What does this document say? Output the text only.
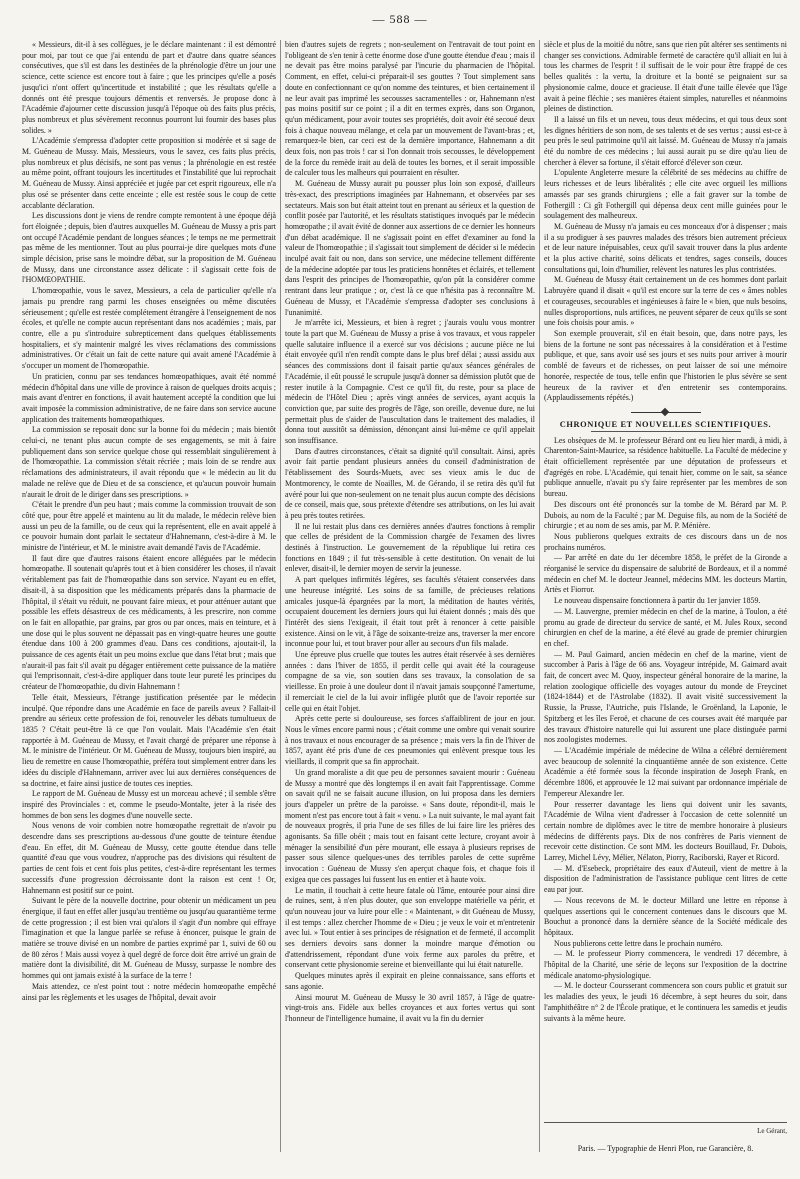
— 588 —

« Messieurs, dit-il à ses collègues, je le déclare maintenant : il est démontré pour moi, par tout ce que j'ai entendu de part et d'autre dans quatre séances consécutives, que s'il est dans les destinées de la phrénologie d'être un jour une science, cette science est encore tout à faire ; que les principes qu'elle a posés jusqu'ici n'ont offert qu'incertitude et instabilité ; que les résultats qu'elle a donnés ont été presque toujours démentis et renversés. Je propose donc à l'Académie d'ajourner cette discussion jusqu'à l'époque où des faits plus précis, plus nombreux et plus sévèrement reconnus pourront lui fournir des bases plus solides. »

L'Académie s'empressa d'adopter cette proposition si modérée et si sage de M. Guéneau de Mussy. Mais, Messieurs, vous le savez, ces faits plus précis, plus nombreux et plus décisifs, ne sont pas venus ; la phrénologie en est restée au même point, offrant toujours les incertitudes et l'instabilité que lui reprochait M. Guéneau de Mussy. Ainsi appréciée et jugée par cet esprit rigoureux, elle n'a plus osé se présenter dans cette enceinte ; elle est restée sous le coup de cette accablante déclaration.

Les discussions dont je viens de rendre compte remontent à une époque déjà fort éloignée ; depuis, bien d'autres auxquelles M. Guéneau de Mussy a pris part ont occupé l'Académie pendant de longues séances ; le temps ne me permettrait pas même de les mentionner. Tout au plus pourrai-je dire quelques mots d'une simple décision, prise sans le moindre débat, sur la proposition de M. Guéneau de Mussy, dans une circonstance assez délicate : il s'agissait cette fois de l'HOMŒOPATHIE.

L'homœopathie, vous le savez, Messieurs, a cela de particulier qu'elle n'a jamais pu prendre rang parmi les choses enseignées ou même discutées sérieusement ; qu'elle est restée complétement étrangère à l'enseignement de nos écoles, et qu'elle ne compte aucun représentant dans nos académies ; mais, par contre, elle a pu s'introduire subrepticement dans quelques établissements hospitaliers, et s'y maintenir malgré les vives réclamations des commissions administratives. Or c'était un fait de cette nature qui avait amené l'Académie à s'occuper un moment de l'homœopathie.

Un praticien, connu par ses tendances homœopathiques, avait été nommé médecin d'hôpital dans une ville de province à raison de quelques droits acquis ; mais avant d'entrer en fonctions, il avait hautement accepté la condition que lui avait imposée la commission administrative, de ne faire dans son service aucune application des traitements homœopathiques.

La commission se reposait donc sur la bonne foi du médecin ; mais bientôt celui-ci, ne tenant plus aucun compte de ses engagements, se mit à faire publiquement dans son service quelque chose qui ressemblait singulièrement à de l'homœopathie. La commission s'était récriée ; mais loin de se rendre aux réclamations des administrateurs, il avait répondu que « le médecin au lit du malade ne relève que de Dieu et de sa conscience, et qu'aucun pouvoir humain n'aurait le droit de le diriger dans ses prescriptions. »

C'était le prendre d'un peu haut ; mais comme la commission trouvait de son côté que, pour être appelé et maintenu au lit du malade, le médecin relève bien aussi un peu de la famille, ou de ceux qui la représentent, elle en avait appelé à ce pouvoir humain dont parlait le sectateur d'Hahnemann, c'est-à-dire à M. le ministre de l'intérieur, et M. le ministre avait demandé l'avis de l'Académie.

Il faut dire que d'autres raisons étaient encore alléguées par le médecin homœopathe. Il soutenait qu'après tout et à bien considérer les choses, il n'avait véritablement pas fait de l'homœopathie dans son service. N'ayant eu en effet, disait-il, à sa disposition que les médicaments préparés dans la pharmacie de l'hôpital, il s'était vu réduit, ne pouvant faire mieux, et pour atténuer autant que possible les effets désastreux de ces médicaments, à les prescrire, non comme on le fait en allopathie, par grains, par gros ou par onces, mais en teinture, et à une dose qui le plus souvent ne dépassait pas en vingt-quatre heures une goutte étendue dans 100 à 200 grammes d'eau. Dans ces conditions, ajoutait-il, la puissance de ces agents était un peu moins exclue que dans l'état brut ; mais que n'aurait-il pas fait s'il avait pu dégager entièrement cette puissance de la matière qui l'emprisonnait, c'est-à-dire appliquer dans toute leur pureté les principes du créateur de l'homœopathie, du divin Hahnemann !

Telle était, Messieurs, l'étrange justification présentée par le médecin inculpé. Que répondre dans une Académie en face de pareils aveux ? Fallait-il prendre au sérieux cette profession de foi, renouveler les débats tumultueux de 1835 ? C'était peut-être là ce que l'on voulait. Mais l'Académie s'en était rapportée à M. Guéneau de Mussy, et l'avait chargé de préparer une réponse à M. le ministre de l'intérieur. Or M. Guéneau de Mussy, toujours bien inspiré, au lieu de remettre en cause l'homœopathie, préféra tout simplement entrer dans les idées du disciple d'Hahnemann, arriver avec lui aux dernières conséquences de sa doctrine, et faire ainsi justice de toutes ces inepties.

Le rapport de M. Guéneau de Mussy est un morceau achevé ; il semble s'être inspiré des Provinciales : et, comme le pseudo-Montalte, jeter à la risée des hommes de bon sens les dogmes d'une nouvelle secte.

Nous venons de voir combien notre homœopathe regrettait de n'avoir pu descendre dans ses prescriptions au-dessous d'une goutte de teinture étendue d'eau. En effet, dit M. Guéneau de Mussy, cette goutte étendue dans telle quantité d'eau que vous voudrez, n'approche pas des divisions qui résultent de parties de cent fois et cent fois plus petites, c'est-à-dire représentant les termes successifs d'une progression décroissante dont la raison est cent ! Or, Hahnemann est positif sur ce point.

Suivant le père de la nouvelle doctrine, pour obtenir un médicament un peu énergique, il faut en effet aller jusqu'au trentième ou jusqu'au quarantième terme de cette progression ; il est bien vrai qu'alors il s'agit d'un nombre qui effraye l'imagination et que la langue parlée se refuse à énoncer, puisque le grain de matière se trouve divisé en un nombre de parties exprimé par 1, suivi de 60 ou de 80 zéros ! Mais aussi voyez à quel degré de force doit être arrivé un grain de matière dont la divisibilité, dit M. Guéneau de Mussy, surpasse le nombre des hommes qui ont jamais existé à la surface de la terre !

Mais attendez, ce n'est point tout : notre médecin homœopathe empêché ainsi par les règlements et les usages de l'hôpital, devait avoir

bien d'autres sujets de regrets ; non-seulement on l'entravait de tout point en l'obligeant de s'en tenir à cette énorme dose d'une goutte étendue d'eau ; mais il ne devait pas être moins paralysé par l'incurie du pharmacien de l'hôpital. Comment, en effet, celui-ci préparait-il ses gouttes ? Tout simplement sans doute en confectionnant ce qu'on nomme des teintures, et bien certainement il ne leur avait pas imprimé les secousses sacramentelles : or, Hahnemann n'est pas moins positif sur ce point ; il a dit en termes exprès, dans son Organon, qu'un médicament, pour avoir toutes ses propriétés, doit avoir été secoué deux fois à chaque nouveau mélange, et cela par un mouvement de l'avant-bras ; et, remarquez-le bien, car ceci est de la dernière importance, Hahnemann a dit deux fois, non pas trois ! car si l'on donnait trois secousses, le développement de la force du remède irait au delà de toutes les bornes, et il serait impossible de calculer tous les malheurs qui pourraient en résulter.

M. Guéneau de Mussy aurait pu pousser plus loin son exposé, d'ailleurs très-exact, des prescriptions imaginées par Hahnemann, et observées par ses sectateurs. Mais son but était atteint tout en prenant au sérieux et la question de conflit posée par l'autorité, et les résultats statistiques invoqués par le médecin homœopathe ; il avait évité de donner aux assertions de ce dernier les honneurs d'un débat académique. Il ne s'agissait point en effet d'examiner au fond la valeur de l'homœopathie ; il s'agissait tout simplement de décider si le médecin inculpé avait fait ou non, dans son service, une médecine tellement différente de la médecine adoptée par tous les praticiens honnêtes et éclairés, et tellement dans l'esprit des principes de l'homœopathie, qu'on pût la considérer comme rentrant dans leur pratique ; or, c'est là ce que n'hésita pas à reconnaître M. Guéneau de Mussy, et l'Académie s'empressa d'adopter ses conclusions à l'unanimité.

Je m'arrête ici, Messieurs, et bien à regret ; j'aurais voulu vous montrer toute la part que M. Guéneau de Mussy a prise à vos travaux, et vous rappeler quelle salutaire influence il a exercé sur vos décisions ; aucune pièce ne lui était envoyée qu'il n'en rendît compte dans le plus bref délai ; aussi assidu aux séances des commissions dont il faisait partie qu'aux séances générales de l'Académie, il eût poussé le scrupule jusqu'à donner sa démission plutôt que de rester inutile à la Compagnie. C'est ce qu'il fit, du reste, pour sa place de médecin de l'Hôtel Dieu ; après vingt années de services, ayant acquis la conviction que, par suite des progrès de l'âge, son oreille, devenue dure, ne lui permettait plus de s'aider de l'auscultation dans le traitement des maladies, il donna tout aussitôt sa démission, dénonçant ainsi lui-même ce qu'il appelait son insuffisance.

Dans d'autres circonstances, c'était sa dignité qu'il consultait. Ainsi, après avoir fait partie pendant plusieurs années du conseil d'administration de l'établissement des Sourds-Muets, avec ses vieux amis le duc de Montmorency, le comte de Noailles, M. de Gérando, il se retira dès qu'il fut avéré pour lui que non-seulement on ne tenait plus aucun compte des décisions de ce conseil, mais que, sous prétexte d'étendre ses attributions, on les lui avait à peu près toutes retirées.

Il ne lui restait plus dans ces dernières années d'autres fonctions à remplir que celles de président de la Commission chargée de l'examen des livres destinés à l'instruction. Le gouvernement de la république lui retira ces fonctions en 1849 ; il fut très-sensible à cette destitution. On venait de lui enlever, disait-il, le dernier moyen de servir la jeunesse.

A part quelques infirmités légères, ses facultés s'étaient conservées dans une heureuse intégrité. Les soins de sa famille, de précieuses relations amicales jusque-là épargnées par la mort, la méditation de hautes vérités, occupaient doucement les derniers jours qui lui étaient donnés ; mais dès que l'intérêt des siens l'exigeait, il était tout prêt à renoncer à cette paisible existence. Ainsi on le vit, à l'âge de soixante-treize ans, traverser la mer encore inconnue pour lui, et tout braver pour aller au secours d'un fils malade.

Une épreuve plus cruelle que toutes les autres était réservée à ses dernières années : dans l'hiver de 1855, il perdit celle qui avait été la courageuse compagne de sa vie, son soutien dans ses travaux, la consolation de sa vieillesse. En proie à une douleur dont il n'avait jamais soupçonné l'amertume, il remerciait le ciel de la lui avoir infligée plutôt que de l'avoir reportée sur celle qui en était l'objet.

Après cette perte si douloureuse, ses forces s'affaiblirent de jour en jour. Nous le vîmes encore parmi nous ; c'était comme une ombre qui venait sourire à nos travaux et nous encourager de sa présence ; mais vers la fin de l'hiver de 1857, ayant été pris d'une de ces pneumonies qui enlèvent presque tous les vieillards, il comprit que sa fin approchait.

Un grand moraliste a dit que peu de personnes savaient mourir : Guéneau de Mussy a montré que dès longtemps il en avait fait l'apprentissage. Comme on savait qu'il ne se faisait aucune illusion, on lui proposa dans les derniers jours d'appeler un prêtre de la paroisse. « Sans doute, répondit-il, mais le moment n'est pas encore tout à fait « venu. » La nuit suivante, le mal ayant fait de nouveaux progrès, il pria l'une de ses filles de lui faire lire les prières des agonisants. Sa fille obéit ; mais tout en faisant cette lecture, croyant avoir à ménager la sensibilité d'un père mourant, elle essaya à plusieurs reprises de passer sous silence quelques-unes des terribles paroles de cette suprême invocation : Guéneau de Mussy s'en aperçut chaque fois, et chaque fois il exigea que ces passages lui fussent lus en entier et à haute voix.

Le matin, il touchait à cette heure fatale où l'âme, entourée pour ainsi dire de ruines, sent, à n'en plus douter, que son enveloppe matérielle va périr, et qu'un nouveau jour va luire pour elle : « Maintenant, » dit Guéneau de Mussy, il est temps : allez chercher l'homme de « Dieu ; je veux le voir et m'entretenir avec lui. » Tout entier à ses principes de résignation et de fermeté, il accomplit ses derniers devoirs sans donner la moindre marque d'émotion ou d'attendrissement, répondant d'une voix ferme aux paroles du prêtre, et conservant cette physionomie sereine et bienveillante qui lui était naturelle.

Quelques minutes après il expirait en pleine connaissance, sans efforts et sans agonie.

Ainsi mourut M. Guéneau de Mussy le 30 avril 1857, à l'âge de quatre-vingt-trois ans. Fidèle aux belles croyances et aux fortes vertus qui sont l'honneur de l'intelligence humaine, il avait vu la fin du dernier

siècle et plus de la moitié du nôtre, sans que rien pût altérer ses sentiments ni changer ses convictions. Admirable fermeté de caractère qu'il alliait en lui à tous les charmes de l'esprit ! il suffisait de le voir pour être frappé de ces belles qualités : la vertu, la droiture et la bonté se peignaient sur sa physionomie calme, douce et gracieuse. Il était d'une taille élevée que l'âge avait à peine fléchie ; ses manières étaient simples, naturelles et néanmoins pleines de distinction.

Il a laissé un fils et un neveu, tous deux médecins, et qui tous deux sont les dignes héritiers de son nom, de ses talents et de ses vertus ; aussi est-ce à peu près le seul patrimoine qu'il ait laissé. M. Guéneau de Mussy n'a jamais été du nombre de ces médecins ; lui aussi aurait pu se dire qu'au lieu de chercher à élever sa fortune, il s'était efforcé d'élever son cœur.

L'opulente Angleterre mesure la célébrité de ses médecins au chiffre de leurs richesses et de leurs libéralités ; elle cite avec orgueil les millions amassés par ses grands chirurgiens ; elle a fait graver sur la tombe de Fothergill : Ci gît Fothergill qui dépensa deux cent mille guinées pour le soulagement des malheureux.

M. Guéneau de Mussy n'a jamais eu ces monceaux d'or à dispenser ; mais il a su prodiguer à ses pauvres malades des trésors bien autrement précieux et de leur nature inépuisables, ceux qu'il savait trouver dans la plus ardente et la plus active charité, soins délicats et tendres, sages conseils, douces consultations qui, loin d'humilier, relèvent les natures les plus contristées.

M. Guéneau de Mussy était certainement un de ces hommes dont parlait Labruyère quand il disait « qu'il est encore sur la terre de ces « âmes nobles et courageuses, secourables et ingénieuses à faire le « bien, que nuls besoins, nulles disproportions, nuls artifices, ne peuvent séparer de ceux qu'ils se sont une fois choisis pour amis. »

Son exemple prouverait, s'il en était besoin, que, dans notre pays, les biens de la fortune ne sont pas nécessaires à la considération et à l'estime publique, et que, sans avoir usé ses jours et ses nuits pour arriver à mourir comblé de faveurs et de richesses, on peut laisser de soi une mémoire honorée, respectée de tous, telle enfin que l'historien le plus sévère se sent heureux de la raviver et d'en entretenir ses contemporains. (Applaudissements répétés.)

CHRONIQUE ET NOUVELLES SCIENTIFIQUES.

Les obsèques de M. le professeur Bérard ont eu lieu hier mardi, à midi, à Charenton-Saint-Maurice, sa résidence habituelle. La Faculté de médecine y était officiellement représentée par une députation de professeurs et d'agrégés en robe. L'Académie, qui tenait hier, comme on le sait, sa séance publique annuelle, n'avait pu s'y faire représenter par les membres de son bureau.

Des discours ont été prononcés sur la tombe de M. Bérard par M. P. Dubois, au nom de la Faculté ; par M. Deguise fils, au nom de la Société de chirurgie ; et au nom de ses amis, par M. P. Ménière.

Nous publierons quelques extraits de ces discours dans un de nos prochains numéros.

— Par arrêté en date du 1er décembre 1858, le préfet de la Gironde a réorganisé le service du dispensaire de salubrité de Bordeaux, et il a nommé médecin en chef M. le docteur Jeannel, médecins MM. les docteurs Martin, Artès et Fiorror.

Le nouveau dispensaire fonctionnera à partir du 1er janvier 1859.

— M. Lauvergne, premier médecin en chef de la marine, à Toulon, a été promu au grade de directeur du service de santé, et M. Jules Roux, second chirurgien en chef de la marine, a été élevé au grade de premier chirurgien en chef.

— M. Paul Gaimard, ancien médecin en chef de la marine, vient de succomber à Paris à l'âge de 66 ans. Voyageur intrépide, M. Gaimard avait fait, de concert avec M. Quoy, inspecteur général honoraire de la marine, la relation zoologique officielle des voyages autour du monde de Freycinet (1824-1844) et de l'Astrolabe (1832). Il avait visité successivement la Russie, la Prusse, l'Autriche, puis l'Islande, le Groënland, la Laponie, le Spitzberg et les îles Feroë, et chacune de ces courses avait été marquée par des travaux d'histoire naturelle qui lui assurent une place distinguée parmi nos zoologistes modernes.

— L'Académie impériale de médecine de Wilna a célébré dernièrement avec beaucoup de solennité la cinquantième année de son existence. Cette Académie a été formée sous la féconde inspiration de Joseph Frank, en décembre 1806, et approuvée le 12 mai suivant par ordonnance impériale de l'empereur Alexandre Ier.

Pour resserrer davantage les liens qui doivent unir les savants, l'Académie de Wilna vient d'adresser à l'occasion de cette solennité un certain nombre de diplômes avec le titre de membre honoraire à plusieurs médecins de différents pays. Dix de nos confrères de Paris viennent de recevoir cette distinction. Ce sont MM. les docteurs Bouillaud, Fr. Dubois, Larrey, Michel Lévy, Mélier, Nélaton, Piorry, Raciborski, Rayer et Ricord.

— M. d'Esebeck, propriétaire des eaux d'Auteuil, vient de mettre à la disposition de l'administration de l'assistance publique cent litres de cette eau par jour.

— Nous recevons de M. le docteur Millard une lettre en réponse à quelques assertions qui le concernent contenues dans le discours que M. Bouchut a prononcé dans la dernière séance de la Société médicale des hôpitaux.

Nous publierons cette lettre dans le prochain numéro.

— M. le professeur Piorry commencera, le vendredi 17 décembre, à l'hôpital de la Charité, une série de leçons sur l'exposition de la doctrine médicale anatomo-physiologique.

— M. le docteur Coursserant commencera son cours public et gratuit sur les maladies des yeux, le jeudi 16 décembre, à sept heures du soir, dans l'amphithéâtre n° 2 de l'École pratique, et le continuera les samedis et jeudis suivants à la même heure.

Le Gérant,
Paris. — Typographie de Henri Plon, rue Garancière, 8.
